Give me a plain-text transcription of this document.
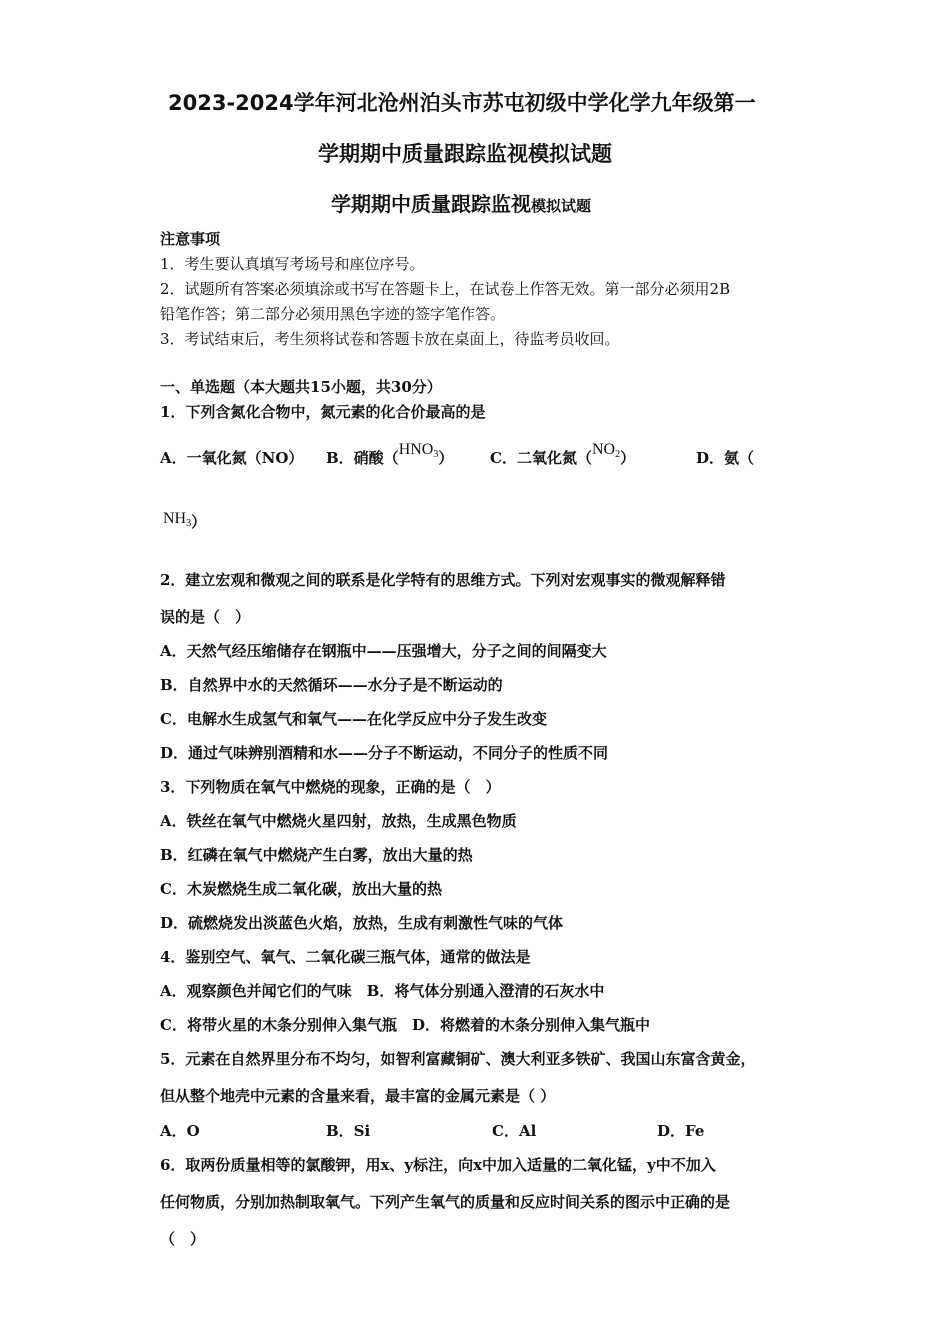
2023-2024学年河北沧州泊头市苏屯初级中学化学九年级第一
学期期中质量跟踪监视模拟试题
学期期中质量跟踪监视模拟试题
注意事项
1．考生要认真填写考场号和座位序号。
2．试题所有答案必须填涂或书写在答题卡上，在试卷上作答无效。第一部分必须用2B
铅笔作答；第二部分必须用黑色字迹的签字笔作答。
3．考试结束后，考生须将试卷和答题卡放在桌面上，待监考员收回。
一、单选题（本大题共15小题，共30分）
1．下列含氮化合物中，氮元素的化合价最高的是
A．一氧化氮（NO） B．硝酸$(HNO_3)$ C．二氧化氮$(NO_2)$	D．氨（
$NH_3$）
2．建立宏观和微观之间的联系是化学特有的思维方式。下列对宏观事实的微观解释错
误的是（　）
A．天然气经压缩储存在钢瓶中——压强增大，分子之间的间隔变大
B．自然界中水的天然循环——水分子是不断运动的
C．电解水生成氢气和氧气——在化学反应中分子发生改变
D．通过气味辨别酒精和水——分子不断运动，不同分子的性质不同
3．下列物质在氧气中燃烧的现象，正确的是（　）
A．铁丝在氧气中燃烧火星四射，放热，生成黑色物质
B．红磷在氧气中燃烧产生白雾，放出大量的热
C．木炭燃烧生成二氧化碳，放出大量的热
D．硫燃烧发出淡蓝色火焰，放热，生成有刺激性气味的气体
4．鉴别空气、氧气、二氧化碳三瓶气体，通常的做法是
A．观察颜色并闻它们的气味　B．将气体分别通入澄清的石灰水中
C．将带火星的木条分别伸入集气瓶　D．将燃着的木条分别伸入集气瓶中
5．元素在自然界里分布不均匀，如智利富藏铜矿、澳大利亚多铁矿、我国山东富含黄金，
但从整个地壳中元素的含量来看，最丰富的金属元素是（ ）
A．O	B．Si	C．Al	D．Fe
6．取两份质量相等的氯酸钾，用x、y标注，向x中加入适量的二氧化锰，y中不加入
任何物质，分别加热制取氧气。下列产生氧气的质量和反应时间关系的图示中正确的是
（　）
